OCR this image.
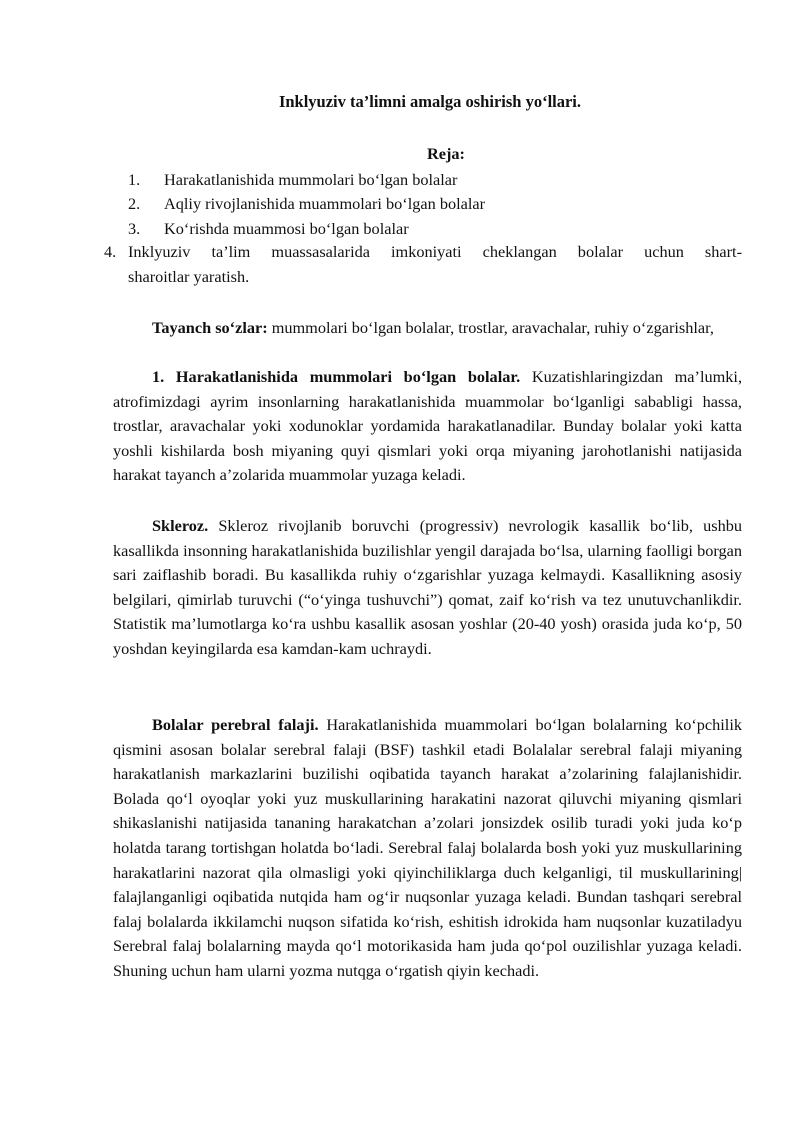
Inklyuziv ta’limni amalga oshirish yo‘llari.
Reja:
1. Harakatlanishida mummolari bo‘lgan bolalar
2. Aqliy rivojlanishida muammolari bo‘lgan bolalar
3. Ko‘rishda muammosi bo‘lgan bolalar
4. Inklyuziv ta’lim muassasalarida imkoniyati cheklangan bolalar uchun shart-
sharoitlar yaratish.

Tayanch so‘zlar: mummolari bo‘lgan bolalar, trostlar, aravachalar, ruhiy o‘zgarishlar,

1. Harakatlanishida mummolari bo‘lgan bolalar. Kuzatishlaringizdan ma’lumki, atrofimizdagi ayrim insonlarning harakatlanishida muammolar bo‘lganligi sababligi hassa, trostlar, aravachalar yoki xodunoklar yordamida harakatlanadilar. Bunday bolalar yoki katta yoshli kishilarda bosh miyaning quyi qismlari yoki orqa miyaning jarohotlanishi natijasida harakat tayanch a’zolarida muammolar yuzaga keladi.

Skleroz. Skleroz rivojlanib boruvchi (progressiv) nevrologik kasallik bo‘lib, ushbu kasallikda insonning harakatlanishida buzilishlar yengil darajada bo‘lsa, ularning faolligi borgan sari zaiflashib boradi. Bu kasallikda ruhiy o‘zgarishlar yuzaga kelmaydi. Kasallikning asosiy belgilari, qimirlab turuvchi (“o‘yinga tushuvchi”) qomat, zaif ko‘rish va tez unutuvchanlikdir. Statistik ma’lumotlarga ko‘ra ushbu kasallik asosan yoshlar (20-40 yosh) orasida juda ko‘p, 50 yoshdan keyingilarda esa kamdan-kam uchraydi.

Bolalar perebral falaji. Harakatlanishida muammolari bo‘lgan bolalarning ko‘pchilik qismini asosan bolalar serebral falaji (BSF) tashkil etadi Bolalalar serebral falaji miyaning harakatlanish markazlarini buzilishi oqibatida tayanch harakat a’zolarining falajlanishidir. Bolada qo‘l oyoqlar yoki yuz muskullarining harakatini nazorat qiluvchi miyaning qismlari shikaslanishi natijasida tananing harakatchan a’zolari jonsizdek osilib turadi yoki juda ko‘p holatda tarang tortishgan holatda bo‘ladi. Serebral falaj bolalarda bosh yoki yuz muskullarining harakatlarini nazorat qila olmasligi yoki qiyinchiliklarga duch kelganligi, til muskullarining| falajlanganligi oqibatida nutqida ham og‘ir nuqsonlar yuzaga keladi. Bundan tashqari serebral falaj bolalarda ikkilamchi nuqson sifatida ko‘rish, eshitish idrokida ham nuqsonlar kuzatiladyu Serebral falaj bolalarning mayda qo‘l motorikasida ham juda qo‘pol ouzilishlar yuzaga keladi. Shuning uchun ham ularni yozma nutqga o‘rgatish qiyin kechadi.
